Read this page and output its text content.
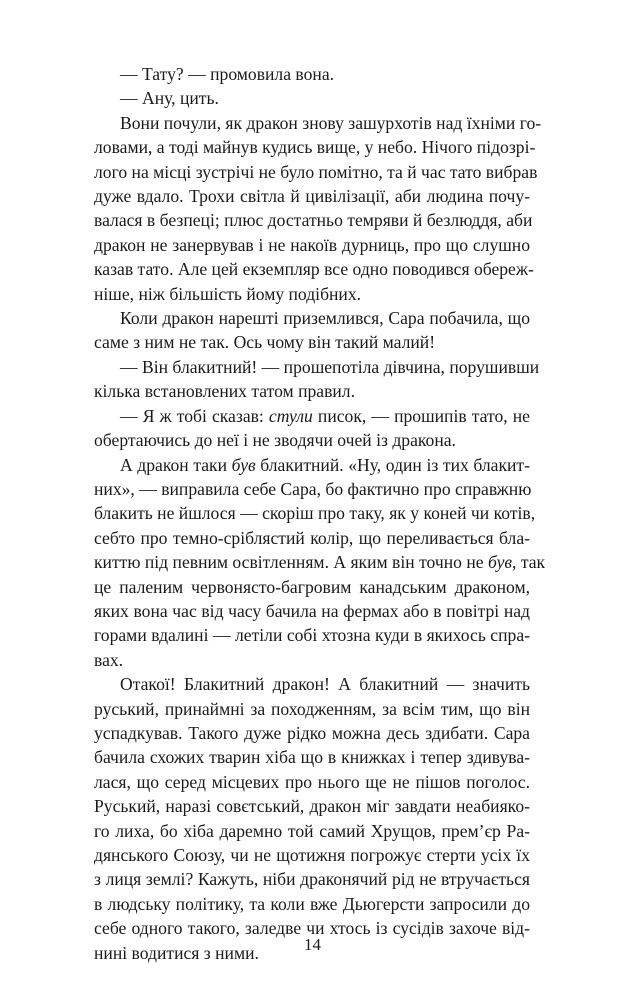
— Тату? — промовила вона.
— Ану, цить.
Вони почули, як дракон знову зашурхотів над їхніми го-
ловами, а тоді майнув кудись вище, у небо. Нічого підозрі-
лого на місці зустрічі не було помітно, та й час тато вибрав
дуже вдало. Трохи світла й цивілізації, аби людина почу-
валася в безпеці; плюс достатньо темряви й безлюддя, аби
дракон не занервував і не накоїв дурниць, про що слушно
казав тато. Але цей екземпляр все одно поводився обереж-
ніше, ніж більшість йому подібних.
Коли дракон нарешті приземлився, Сара побачила, що
саме з ним не так. Ось чому він такий малий!
— Він блакитний! — прошепотіла дівчина, порушивши
кілька встановлених татом правил.
— Я ж тобі сказав: стули писок, — прошипів тато, не
обертаючись до неї і не зводячи очей із дракона.
А дракон таки був блакитний. «Ну, один із тих блакит-
них», — виправила себе Сара, бо фактично про справжню
блакить не йшлося — скоріш про таку, як у коней чи котів,
себто про темно-сріблястий колір, що переливається бла-
киттю під певним освітленням. А яким він точно не був, так
це паленим червонясто-багровим канадським драконом,
яких вона час від часу бачила на фермах або в повітрі над
горами вдалині — летіли собі хтозна куди в якихось спра-
вах.
Отакої! Блакитний дракон! А блакитний — значить
руський, принаймні за походженням, за всім тим, що він
успадкував. Такого дуже рідко можна десь здибати. Сара
бачила схожих тварин хіба що в книжках і тепер здивува-
лася, що серед місцевих про нього ще не пішов поголос.
Руський, наразі совєтський, дракон міг завдати неабияко-
го лиха, бо хіба даремно той самий Хрущов, прем’єр Ра-
дянського Союзу, чи не щотижня погрожує стерти усіх їх
з лиця землі? Кажуть, ніби драконячий рід не втручається
в людську політику, та коли вже Дьюгерсти запросили до
себе одного такого, заледве чи хтось із сусідів захоче від-
нині водитися з ними.	14
